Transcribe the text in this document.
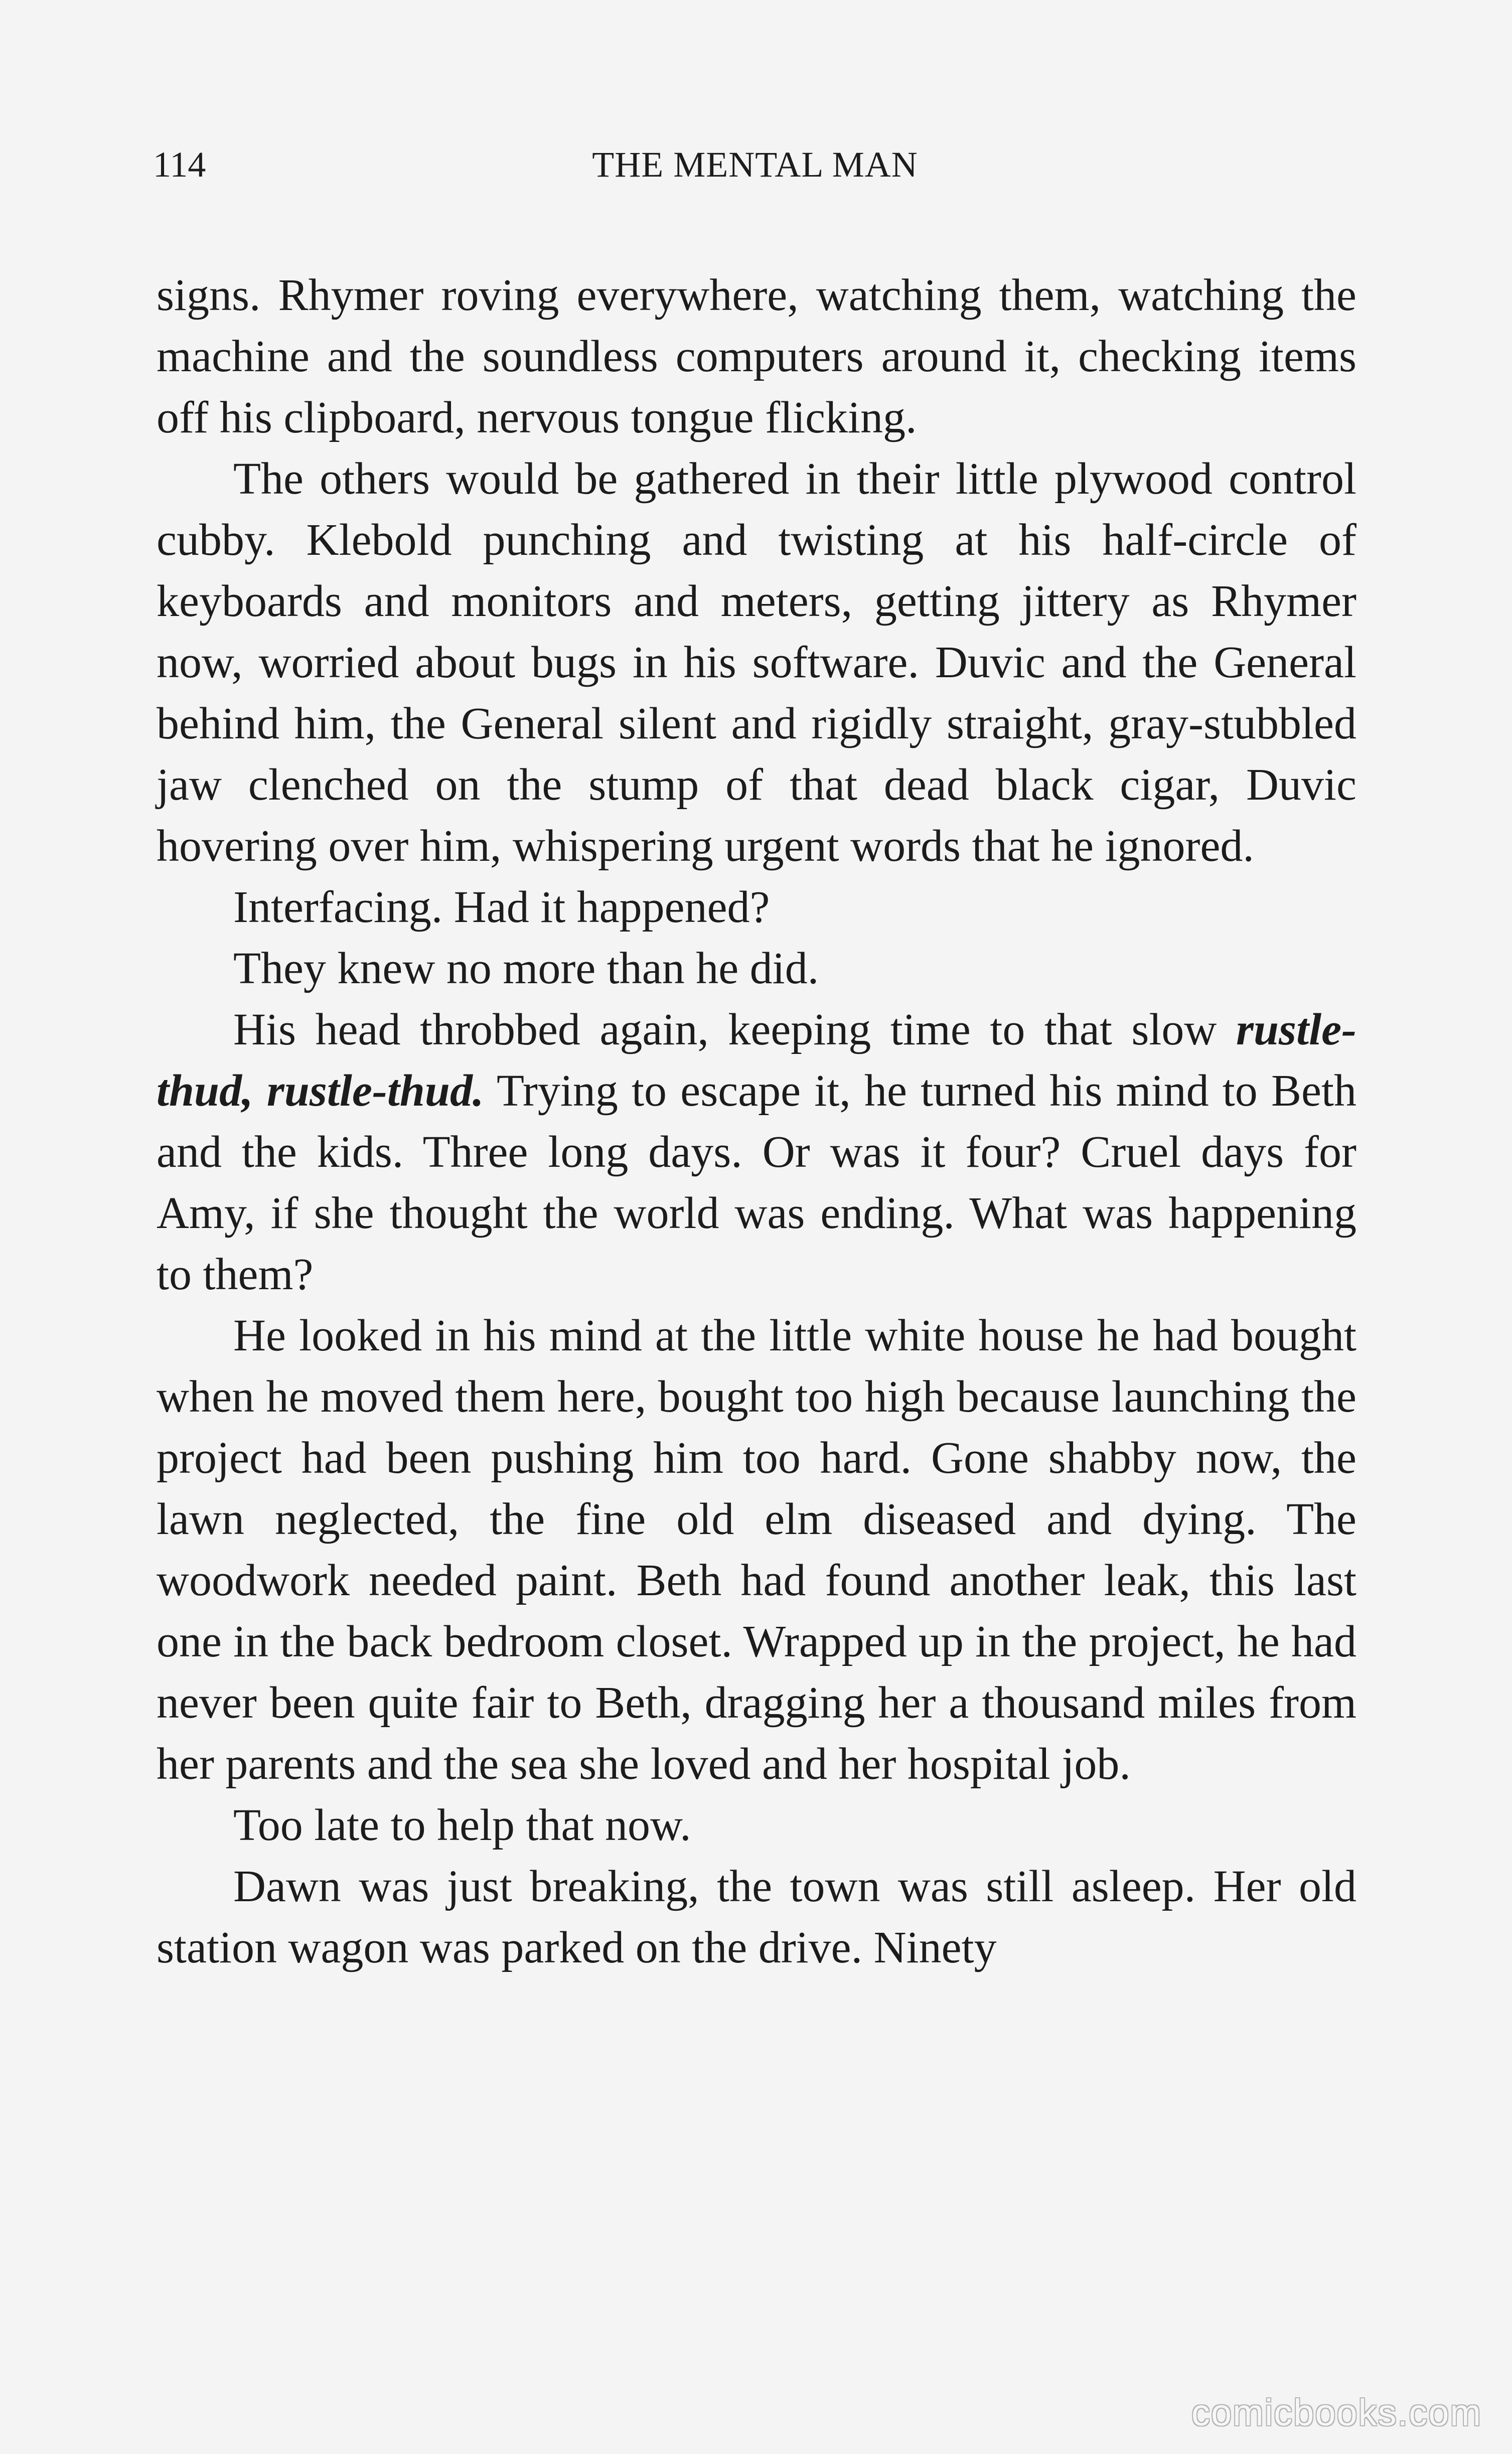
114	THE MENTAL MAN

signs. Rhymer roving everywhere, watching them, watching the machine and the soundless computers around it, checking items off his clipboard, nervous tongue flicking.

The others would be gathered in their little plywood control cubby. Klebold punching and twisting at his half-circle of keyboards and monitors and meters, getting jittery as Rhymer now, worried about bugs in his software. Duvic and the General behind him, the General silent and rigidly straight, gray-stubbled jaw clenched on the stump of that dead black cigar, Duvic hovering over him, whispering urgent words that he ignored.

Interfacing. Had it happened?

They knew no more than he did.

His head throbbed again, keeping time to that slow rustle-thud, rustle-thud. Trying to escape it, he turned his mind to Beth and the kids. Three long days. Or was it four? Cruel days for Amy, if she thought the world was ending. What was happening to them?

He looked in his mind at the little white house he had bought when he moved them here, bought too high because launching the project had been pushing him too hard. Gone shabby now, the lawn neglected, the fine old elm diseased and dying. The woodwork needed paint. Beth had found another leak, this last one in the back bedroom closet. Wrapped up in the project, he had never been quite fair to Beth, dragging her a thousand miles from her parents and the sea she loved and her hospital job.

Too late to help that now.

Dawn was just breaking, the town was still asleep. Her old station wagon was parked on the drive. Ninety

comicbooks.com
